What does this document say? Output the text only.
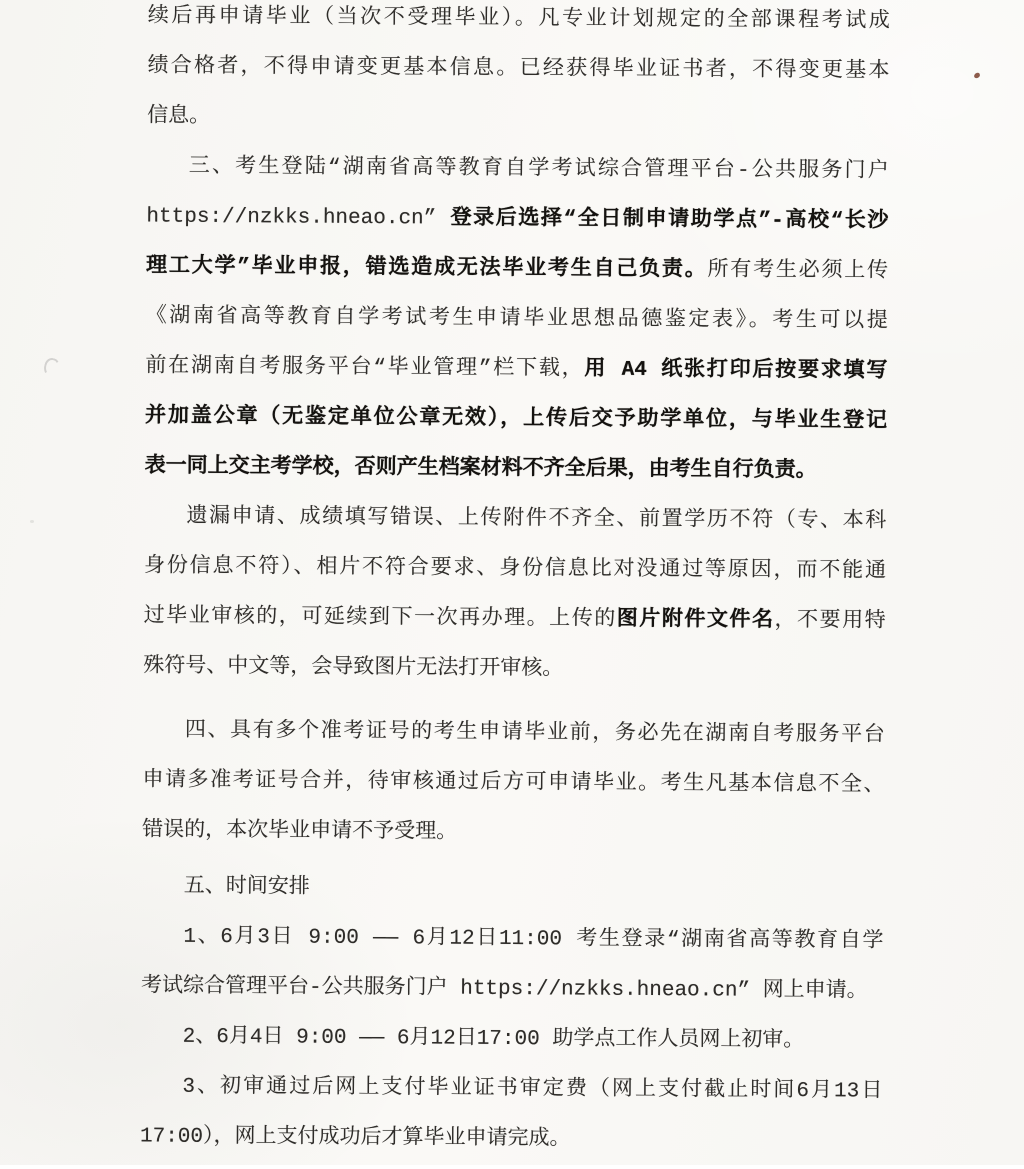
续后再申请毕业（当次不受理毕业）。凡专业计划规定的全部课程考试成
绩合格者，不得申请变更基本信息。已经获得毕业证书者，不得变更基本
信息。
三、考生登陆“湖南省高等教育自学考试综合管理平台-公共服务门户
https://nzkks.hneao.cn” 登录后选择“全日制申请助学点”-高校“长沙
理工大学”毕业申报，错选造成无法毕业考生自己负责。所有考生必须上传
《湖南省高等教育自学考试考生申请毕业思想品德鉴定表》。考生可以提
前在湖南自考服务平台“毕业管理”栏下载，用 A4 纸张打印后按要求填写
并加盖公章（无鉴定单位公章无效），上传后交予助学单位，与毕业生登记
表一同上交主考学校，否则产生档案材料不齐全后果，由考生自行负责。
遗漏申请、成绩填写错误、上传附件不齐全、前置学历不符（专、本科
身份信息不符）、相片不符合要求、身份信息比对没通过等原因，而不能通
过毕业审核的，可延续到下一次再办理。上传的图片附件文件名，不要用特
殊符号、中文等，会导致图片无法打开审核。
四、具有多个准考证号的考生申请毕业前，务必先在湖南自考服务平台
申请多准考证号合并，待审核通过后方可申请毕业。考生凡基本信息不全、
错误的，本次毕业申请不予受理。
五、时间安排
1、6月3日 9:00 —— 6月12日11:00 考生登录“湖南省高等教育自学
考试综合管理平台-公共服务门户 https://nzkks.hneao.cn” 网上申请。
2、6月4日 9:00 —— 6月12日17:00 助学点工作人员网上初审。
3、初审通过后网上支付毕业证书审定费（网上支付截止时间6月13日
17:00），网上支付成功后才算毕业申请完成。
